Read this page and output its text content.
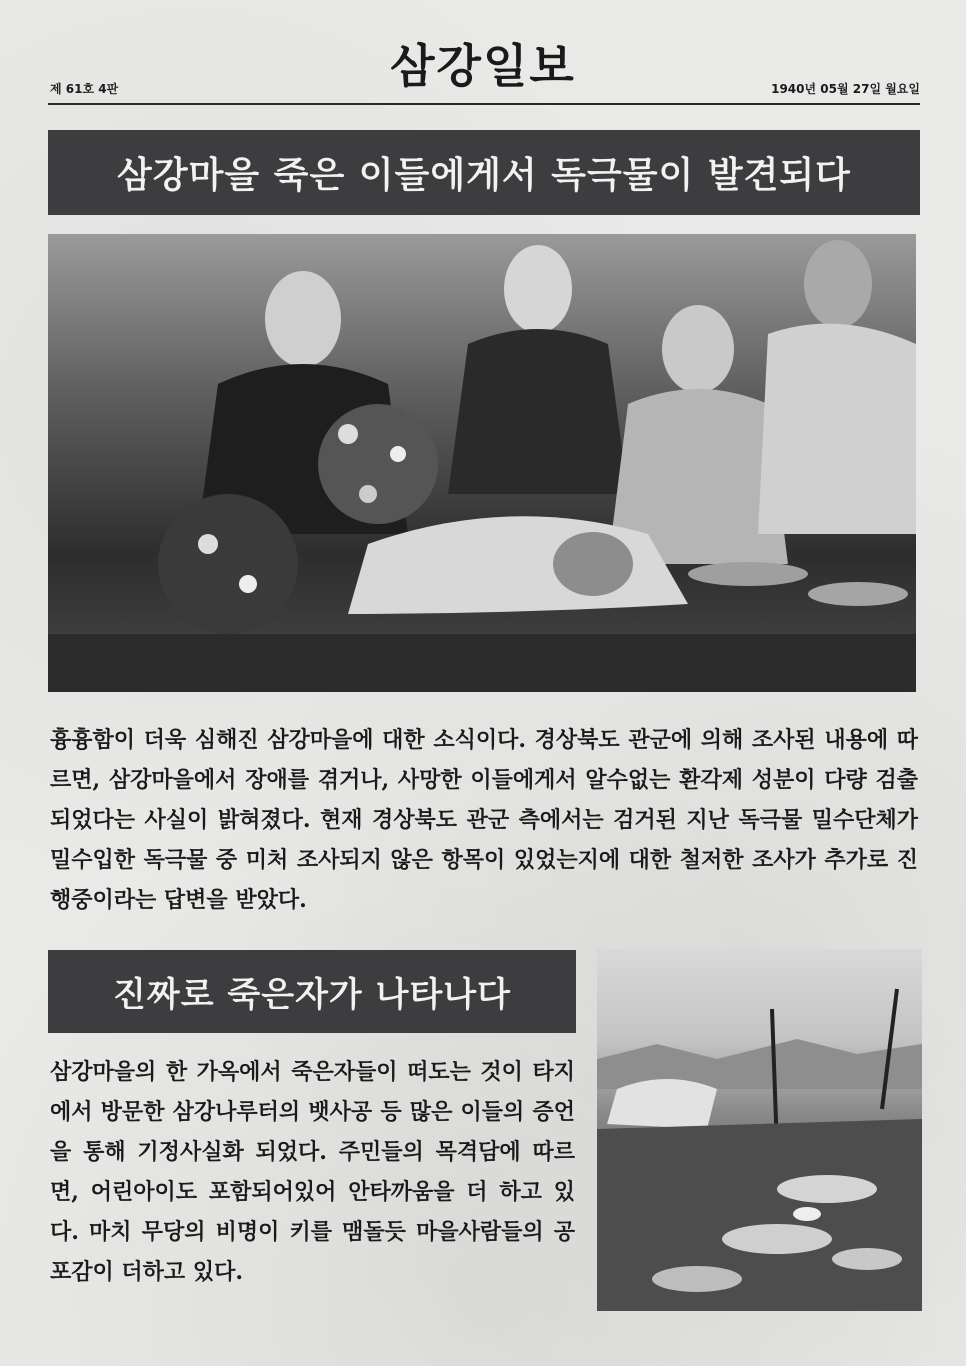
제 61호 4판	삼강일보	1940년 05월 27일 월요일
삼강마을 죽은 이들에게서 독극물이 발견되다
흉흉함이 더욱 심해진 삼강마을에 대한 소식이다. 경상북도 관군에 의해 조사된 내용에 따르면, 삼강마을에서 장애를 겪거나, 사망한 이들에게서 알수없는 환각제 성분이 다량 검출되었다는 사실이 밝혀졌다. 현재 경상북도 관군 측에서는 검거된 지난 독극물 밀수단체가 밀수입한 독극물 중 미처 조사되지 않은 항목이 있었는지에 대한 철저한 조사가 추가로 진행중이라는 답변을 받았다.
진짜로 죽은자가 나타나다
삼강마을의 한 가옥에서 죽은자들이 떠도는 것이 타지에서 방문한 삼강나루터의 뱃사공 등 많은 이들의 증언을 통해 기정사실화 되었다. 주민들의 목격담에 따르면, 어린아이도 포함되어있어 안타까움을 더 하고 있다. 마치 무당의 비명이 키를 맴돌듯 마을사람들의 공포감이 더하고 있다.
